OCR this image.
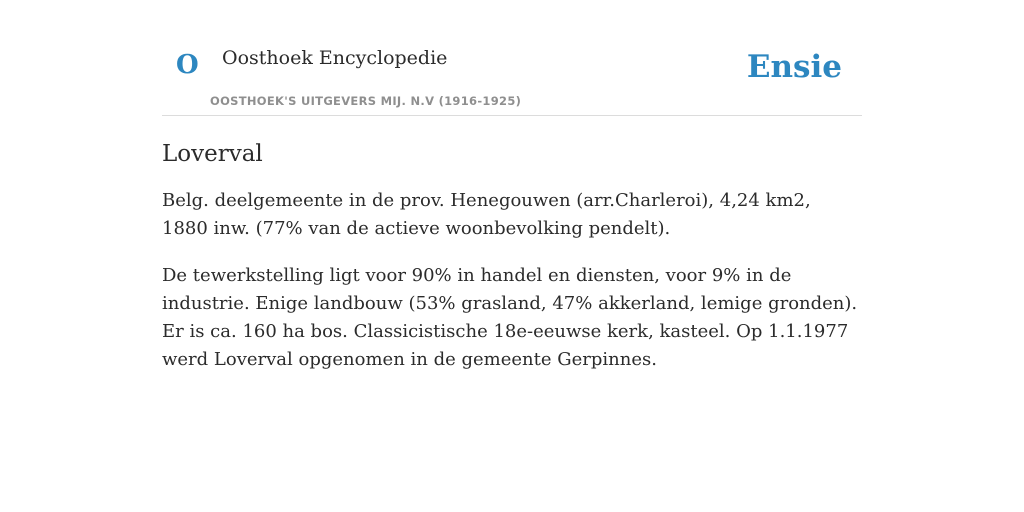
O Oosthoek Encyclopedie
OOSTHOEK'S UITGEVERS MIJ. N.V (1916-1925)
Ensie
Loverval

Belg. deelgemeente in de prov. Henegouwen (arr.Charleroi), 4,24 km2, 1880 inw. (77% van de actieve woonbevolking pendelt).

De tewerkstelling ligt voor 90% in handel en diensten, voor 9% in de industrie. Enige landbouw (53% grasland, 47% akkerland, lemige gronden). Er is ca. 160 ha bos. Classicistische 18e-eeuwse kerk, kasteel. Op 1.1.1977 werd Loverval opgenomen in de gemeente Gerpinnes.
